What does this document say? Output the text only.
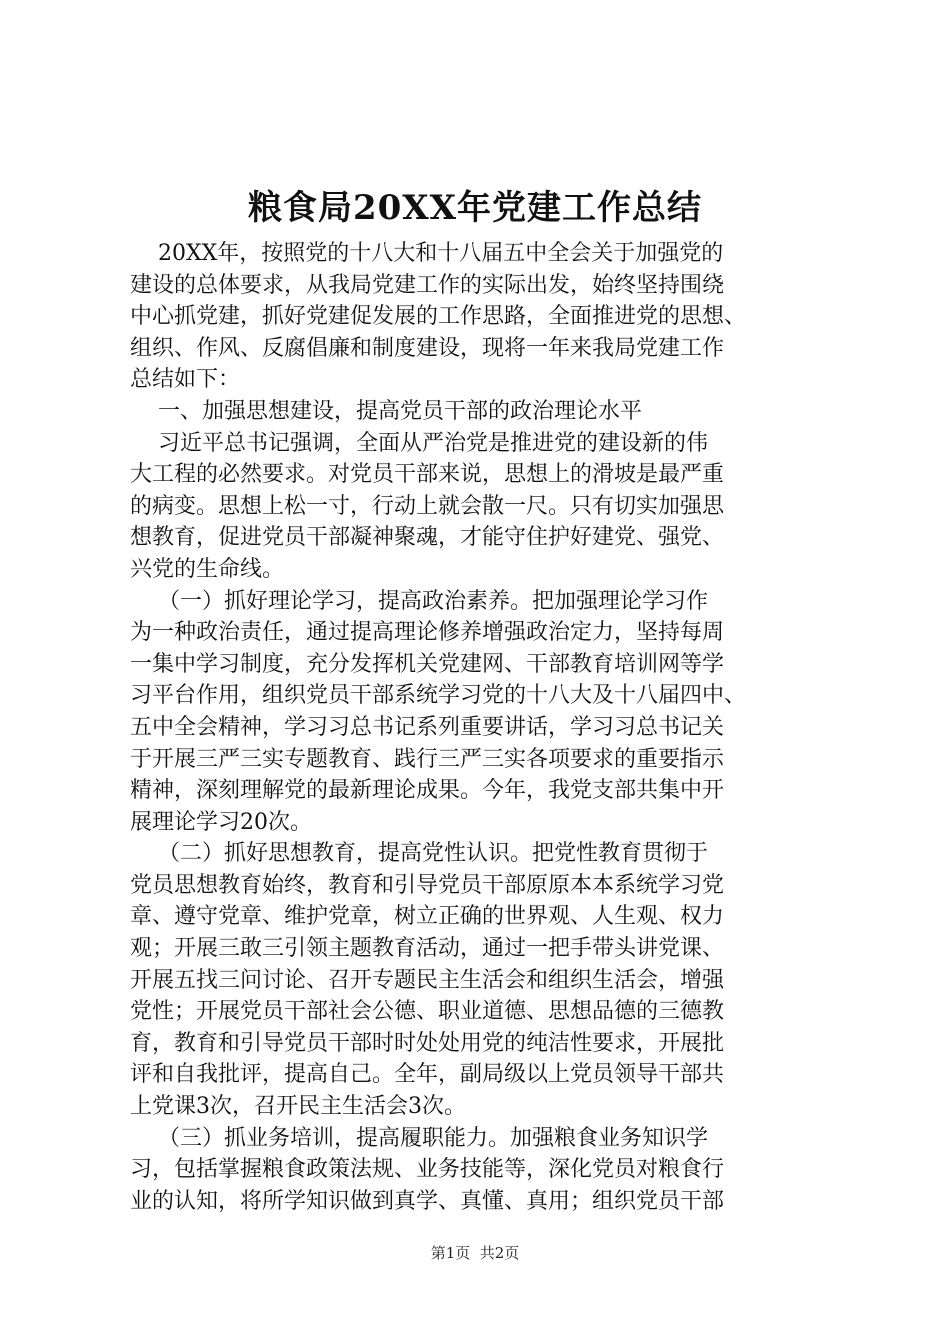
粮食局20XX年党建工作总结
20XX年，按照党的十八大和十八届五中全会关于加强党的
建设的总体要求，从我局党建工作的实际出发，始终坚持围绕
中心抓党建，抓好党建促发展的工作思路，全面推进党的思想、
组织、作风、反腐倡廉和制度建设，现将一年来我局党建工作
总结如下：
一、加强思想建设，提高党员干部的政治理论水平
习近平总书记强调，全面从严治党是推进党的建设新的伟
大工程的必然要求。对党员干部来说，思想上的滑坡是最严重
的病变。思想上松一寸，行动上就会散一尺。只有切实加强思
想教育，促进党员干部凝神聚魂，才能守住护好建党、强党、
兴党的生命线。
（一）抓好理论学习，提高政治素养。把加强理论学习作
为一种政治责任，通过提高理论修养增强政治定力，坚持每周
一集中学习制度，充分发挥机关党建网、干部教育培训网等学
习平台作用，组织党员干部系统学习党的十八大及十八届四中、
五中全会精神，学习习总书记系列重要讲话，学习习总书记关
于开展三严三实专题教育、践行三严三实各项要求的重要指示
精神，深刻理解党的最新理论成果。今年，我党支部共集中开
展理论学习20次。
（二）抓好思想教育，提高党性认识。把党性教育贯彻于
党员思想教育始终，教育和引导党员干部原原本本系统学习党
章、遵守党章、维护党章，树立正确的世界观、人生观、权力
观；开展三敢三引领主题教育活动，通过一把手带头讲党课、
开展五找三问讨论、召开专题民主生活会和组织生活会，增强
党性；开展党员干部社会公德、职业道德、思想品德的三德教
育，教育和引导党员干部时时处处用党的纯洁性要求，开展批
评和自我批评，提高自己。全年，副局级以上党员领导干部共
上党课3次，召开民主生活会3次。
（三）抓业务培训，提高履职能力。加强粮食业务知识学
习，包括掌握粮食政策法规、业务技能等，深化党员对粮食行
业的认知，将所学知识做到真学、真懂、真用；组织党员干部
第1页  共2页
